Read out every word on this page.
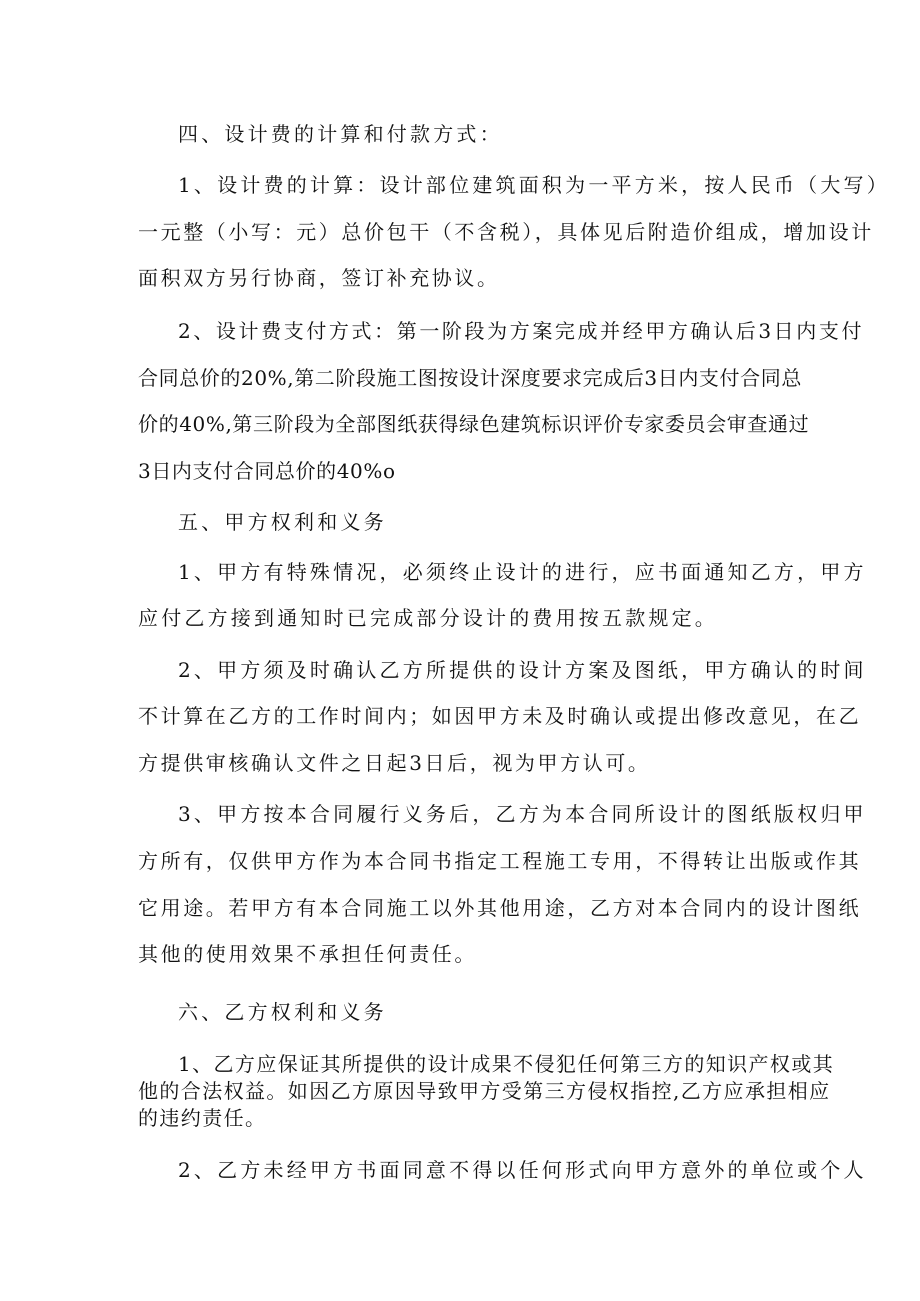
四、设计费的计算和付款方式：
1、设计费的计算：设计部位建筑面积为一平方米，按人民币（大写）
一元整（小写：元）总价包干（不含税），具体见后附造价组成，增加设计
面积双方另行协商，签订补充协议。
2、设计费支付方式：第一阶段为方案完成并经甲方确认后3日内支付
合同总价的20%,第二阶段施工图按设计深度要求完成后3日内支付合同总
价的40%,第三阶段为全部图纸获得绿色建筑标识评价专家委员会审查通过
3日内支付合同总价的40%o
五、甲方权利和义务
1、甲方有特殊情况，必须终止设计的进行，应书面通知乙方，甲方
应付乙方接到通知时已完成部分设计的费用按五款规定。
2、甲方须及时确认乙方所提供的设计方案及图纸，甲方确认的时间
不计算在乙方的工作时间内；如因甲方未及时确认或提出修改意见，在乙
方提供审核确认文件之日起3日后，视为甲方认可。
3、甲方按本合同履行义务后，乙方为本合同所设计的图纸版权归甲
方所有，仅供甲方作为本合同书指定工程施工专用，不得转让出版或作其
它用途。若甲方有本合同施工以外其他用途，乙方对本合同内的设计图纸
其他的使用效果不承担任何责任。
六、乙方权利和义务
1、乙方应保证其所提供的设计成果不侵犯任何第三方的知识产权或其
他的合法权益。如因乙方原因导致甲方受第三方侵权指控,乙方应承担相应
的违约责任。
2、乙方未经甲方书面同意不得以任何形式向甲方意外的单位或个人
